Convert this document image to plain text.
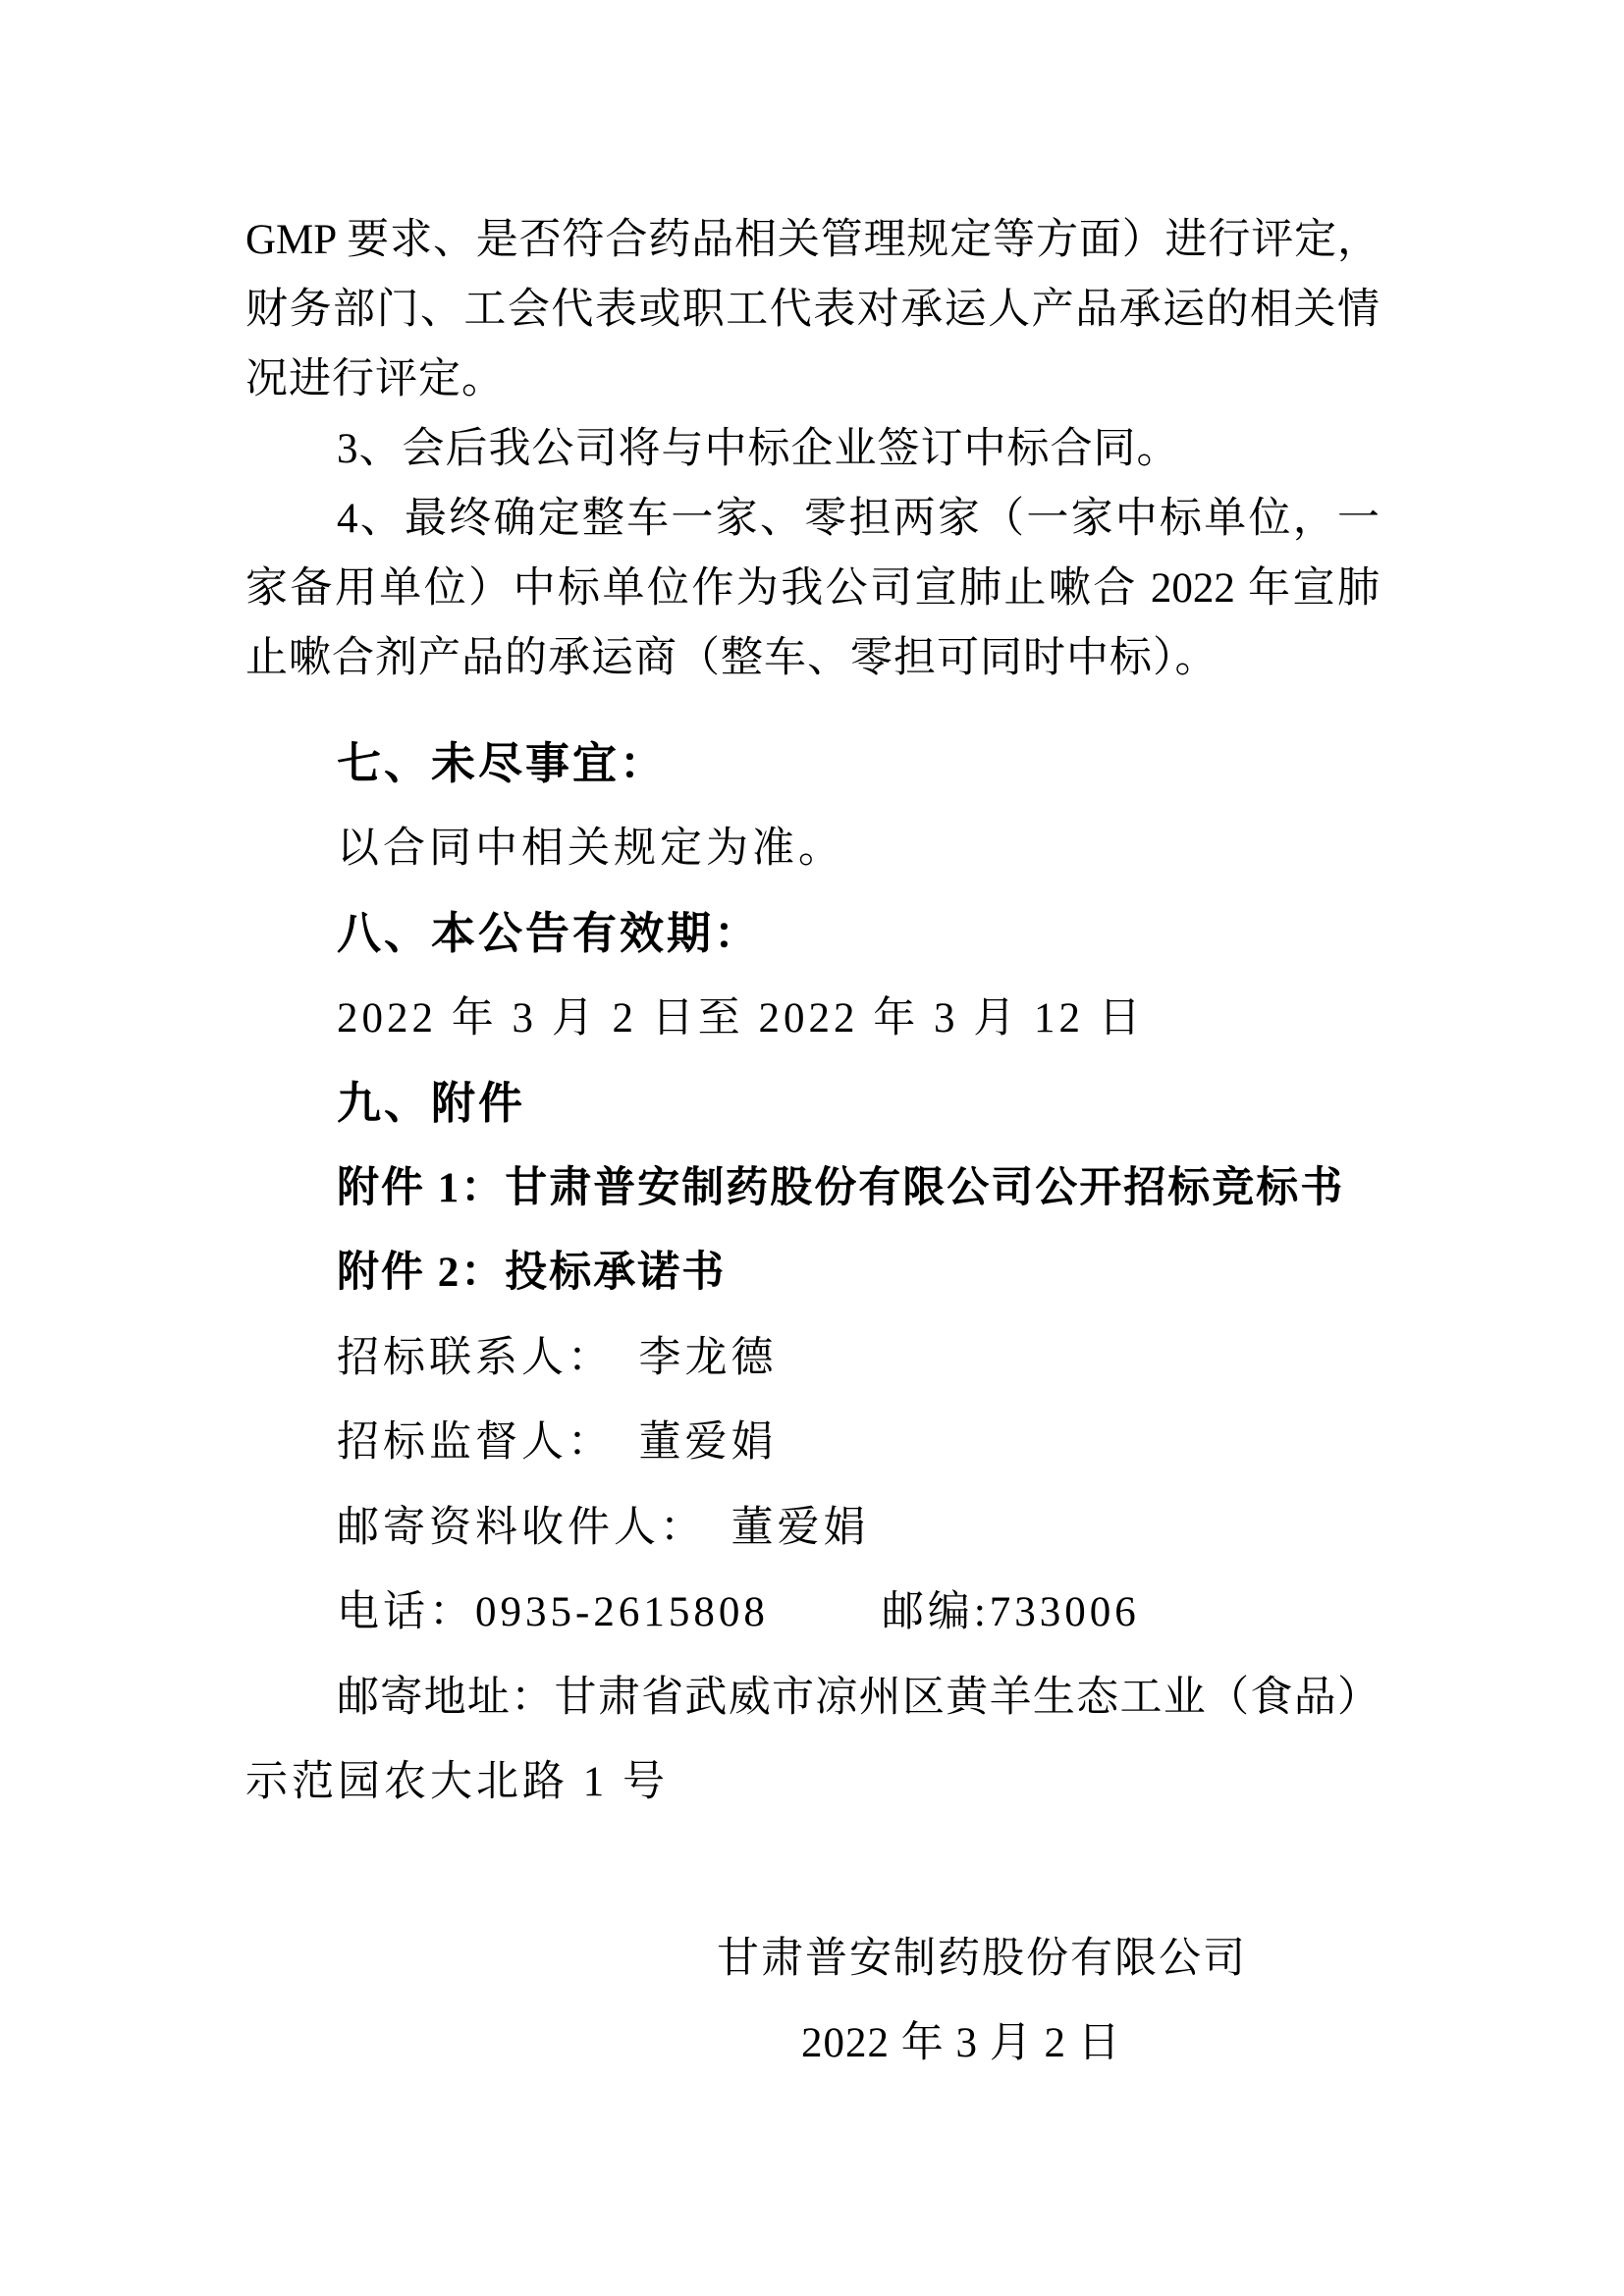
GMP 要求、是否符合药品相关管理规定等方面）进行评定，
财务部门、工会代表或职工代表对承运人产品承运的相关情
况进行评定。
3、会后我公司将与中标企业签订中标合同。
4、最终确定整车一家、零担两家（一家中标单位，一
家备用单位）中标单位作为我公司宣肺止嗽合 2022 年宣肺
止嗽合剂产品的承运商（整车、零担可同时中标）。
七、未尽事宜：
以合同中相关规定为准。
八、本公告有效期：
2022 年 3 月 2 日至 2022 年 3 月 12 日
九、附件
附件 1：甘肃普安制药股份有限公司公开招标竞标书
附件 2：投标承诺书
招标联系人：　李龙德
招标监督人：　董爱娟
邮寄资料收件人：　董爱娟
电话：0935-2615808	邮编:733006
邮寄地址：甘肃省武威市凉州区黄羊生态工业（食品）
示范园农大北路 1 号
甘肃普安制药股份有限公司
2022 年 3 月 2 日
